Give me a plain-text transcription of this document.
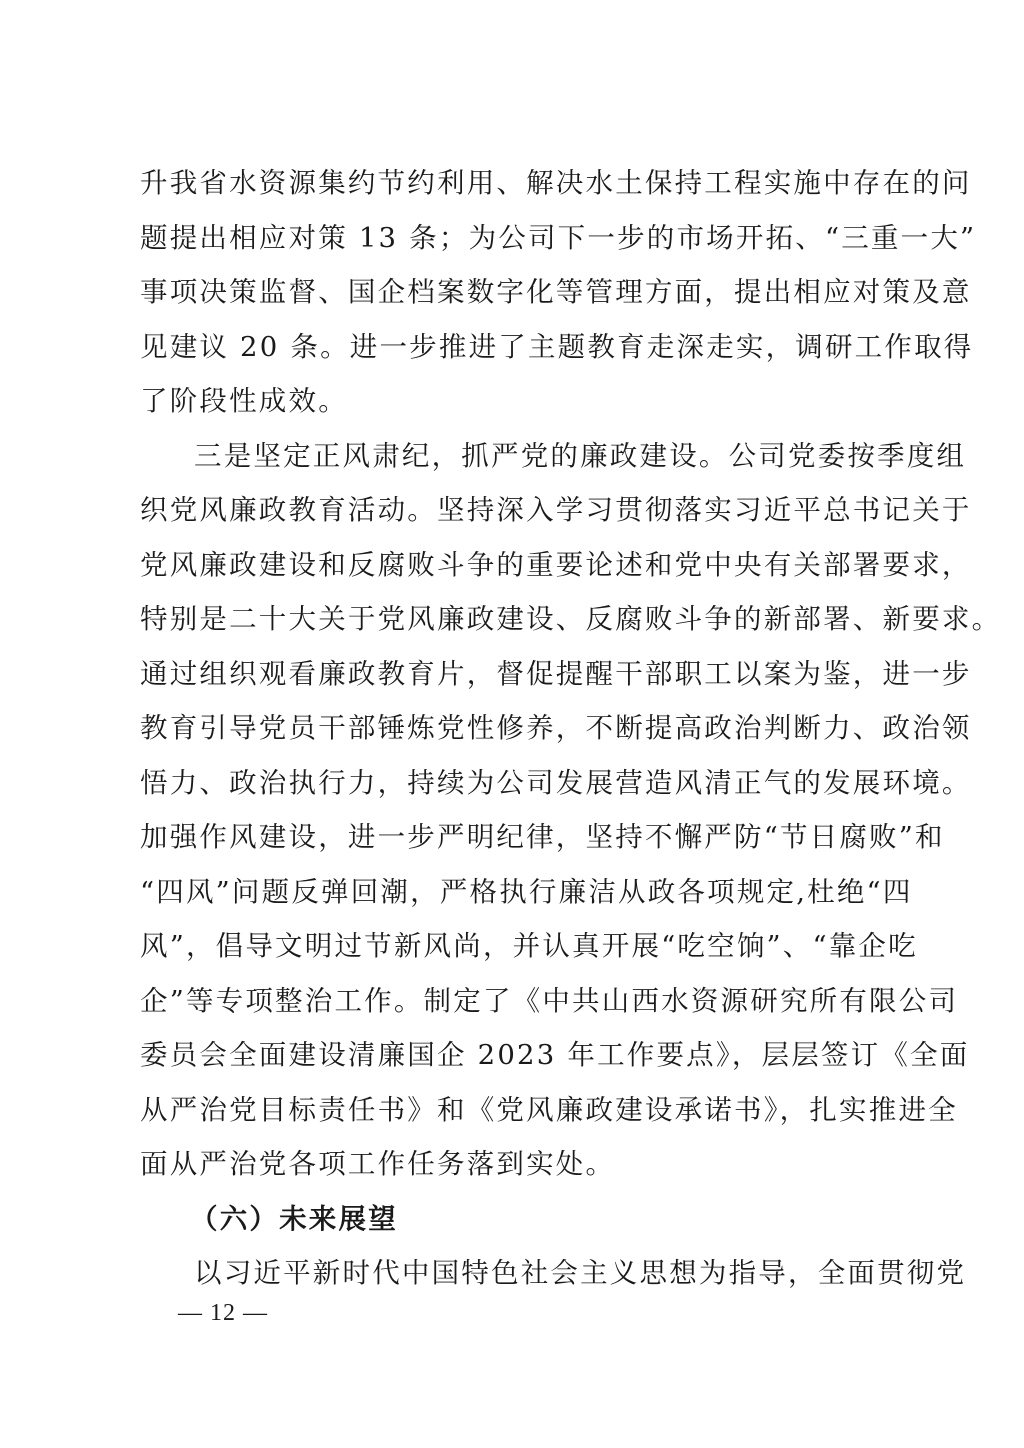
升我省水资源集约节约利用、解决水土保持工程实施中存在的问
题提出相应对策 13 条；为公司下一步的市场开拓、“三重一大”
事项决策监督、国企档案数字化等管理方面，提出相应对策及意
见建议 20 条。进一步推进了主题教育走深走实，调研工作取得
了阶段性成效。
三是坚定正风肃纪，抓严党的廉政建设。公司党委按季度组
织党风廉政教育活动。坚持深入学习贯彻落实习近平总书记关于
党风廉政建设和反腐败斗争的重要论述和党中央有关部署要求，
特别是二十大关于党风廉政建设、反腐败斗争的新部署、新要求。
通过组织观看廉政教育片，督促提醒干部职工以案为鉴，进一步
教育引导党员干部锤炼党性修养，不断提高政治判断力、政治领
悟力、政治执行力，持续为公司发展营造风清正气的发展环境。
加强作风建设，进一步严明纪律，坚持不懈严防“节日腐败”和
“四风”问题反弹回潮，严格执行廉洁从政各项规定,杜绝“四
风”，倡导文明过节新风尚，并认真开展“吃空饷”、“靠企吃
企”等专项整治工作。制定了《中共山西水资源研究所有限公司
委员会全面建设清廉国企 2023 年工作要点》，层层签订《全面
从严治党目标责任书》和《党风廉政建设承诺书》，扎实推进全
面从严治党各项工作任务落到实处。
（六）未来展望
以习近平新时代中国特色社会主义思想为指导，全面贯彻党
— 12 —
